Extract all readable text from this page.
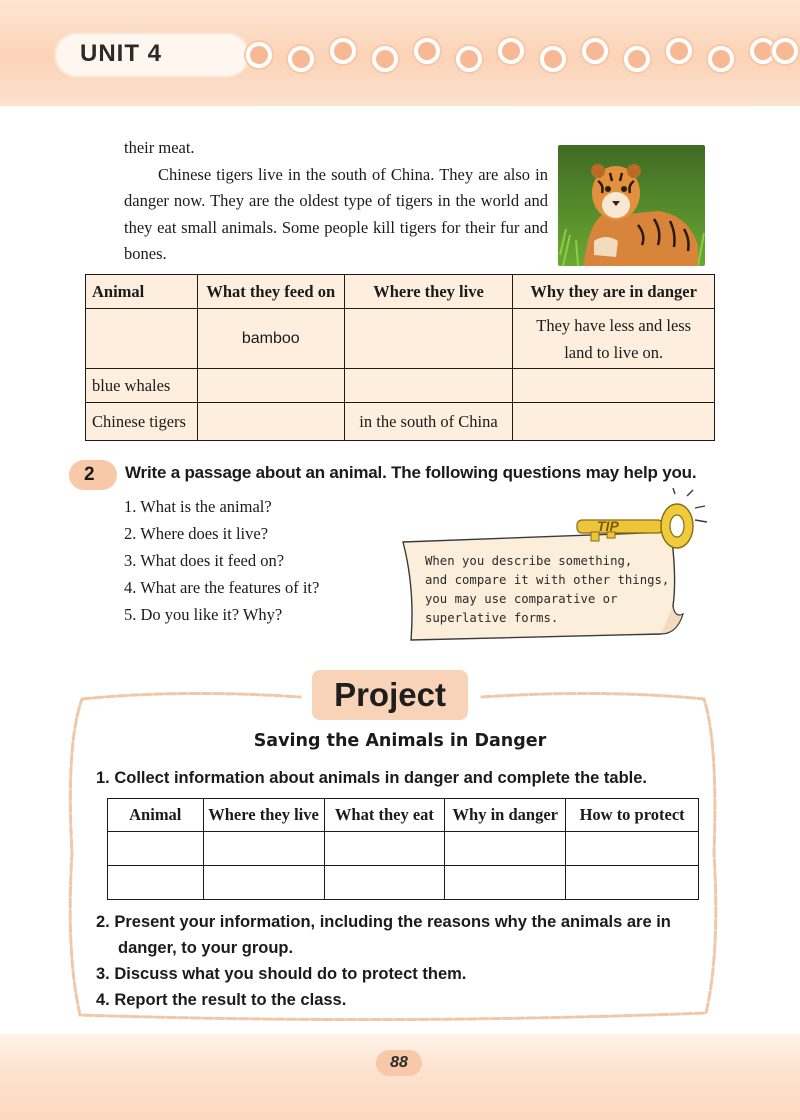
UNIT 4

their meat.

Chinese tigers live in the south of China. They are also in danger now. They are the oldest type of tigers in the world and they eat small animals. Some people kill tigers for their fur and bones.

Animal	What they feed on	Where they live	Why they are in danger
	bamboo		They have less and less land to live on.
blue whales			
Chinese tigers		in the south of China	
2 Write a passage about an animal. The following questions may help you.
1. What is the animal?
2. Where does it live?
3. What does it feed on?
4. What are the features of it?
5. Do you like it? Why?
TIP
When you describe something,
and compare it with other things,
you may use comparative or
superlative forms.
Project
Saving the Animals in Danger
1. Collect information about animals in danger and complete the table.
Animal	Where they live	What they eat	Why in danger	How to protect

2. Present your information, including the reasons why the animals are in
danger, to your group.
3. Discuss what you should do to protect them.
4. Report the result to the class.
88
